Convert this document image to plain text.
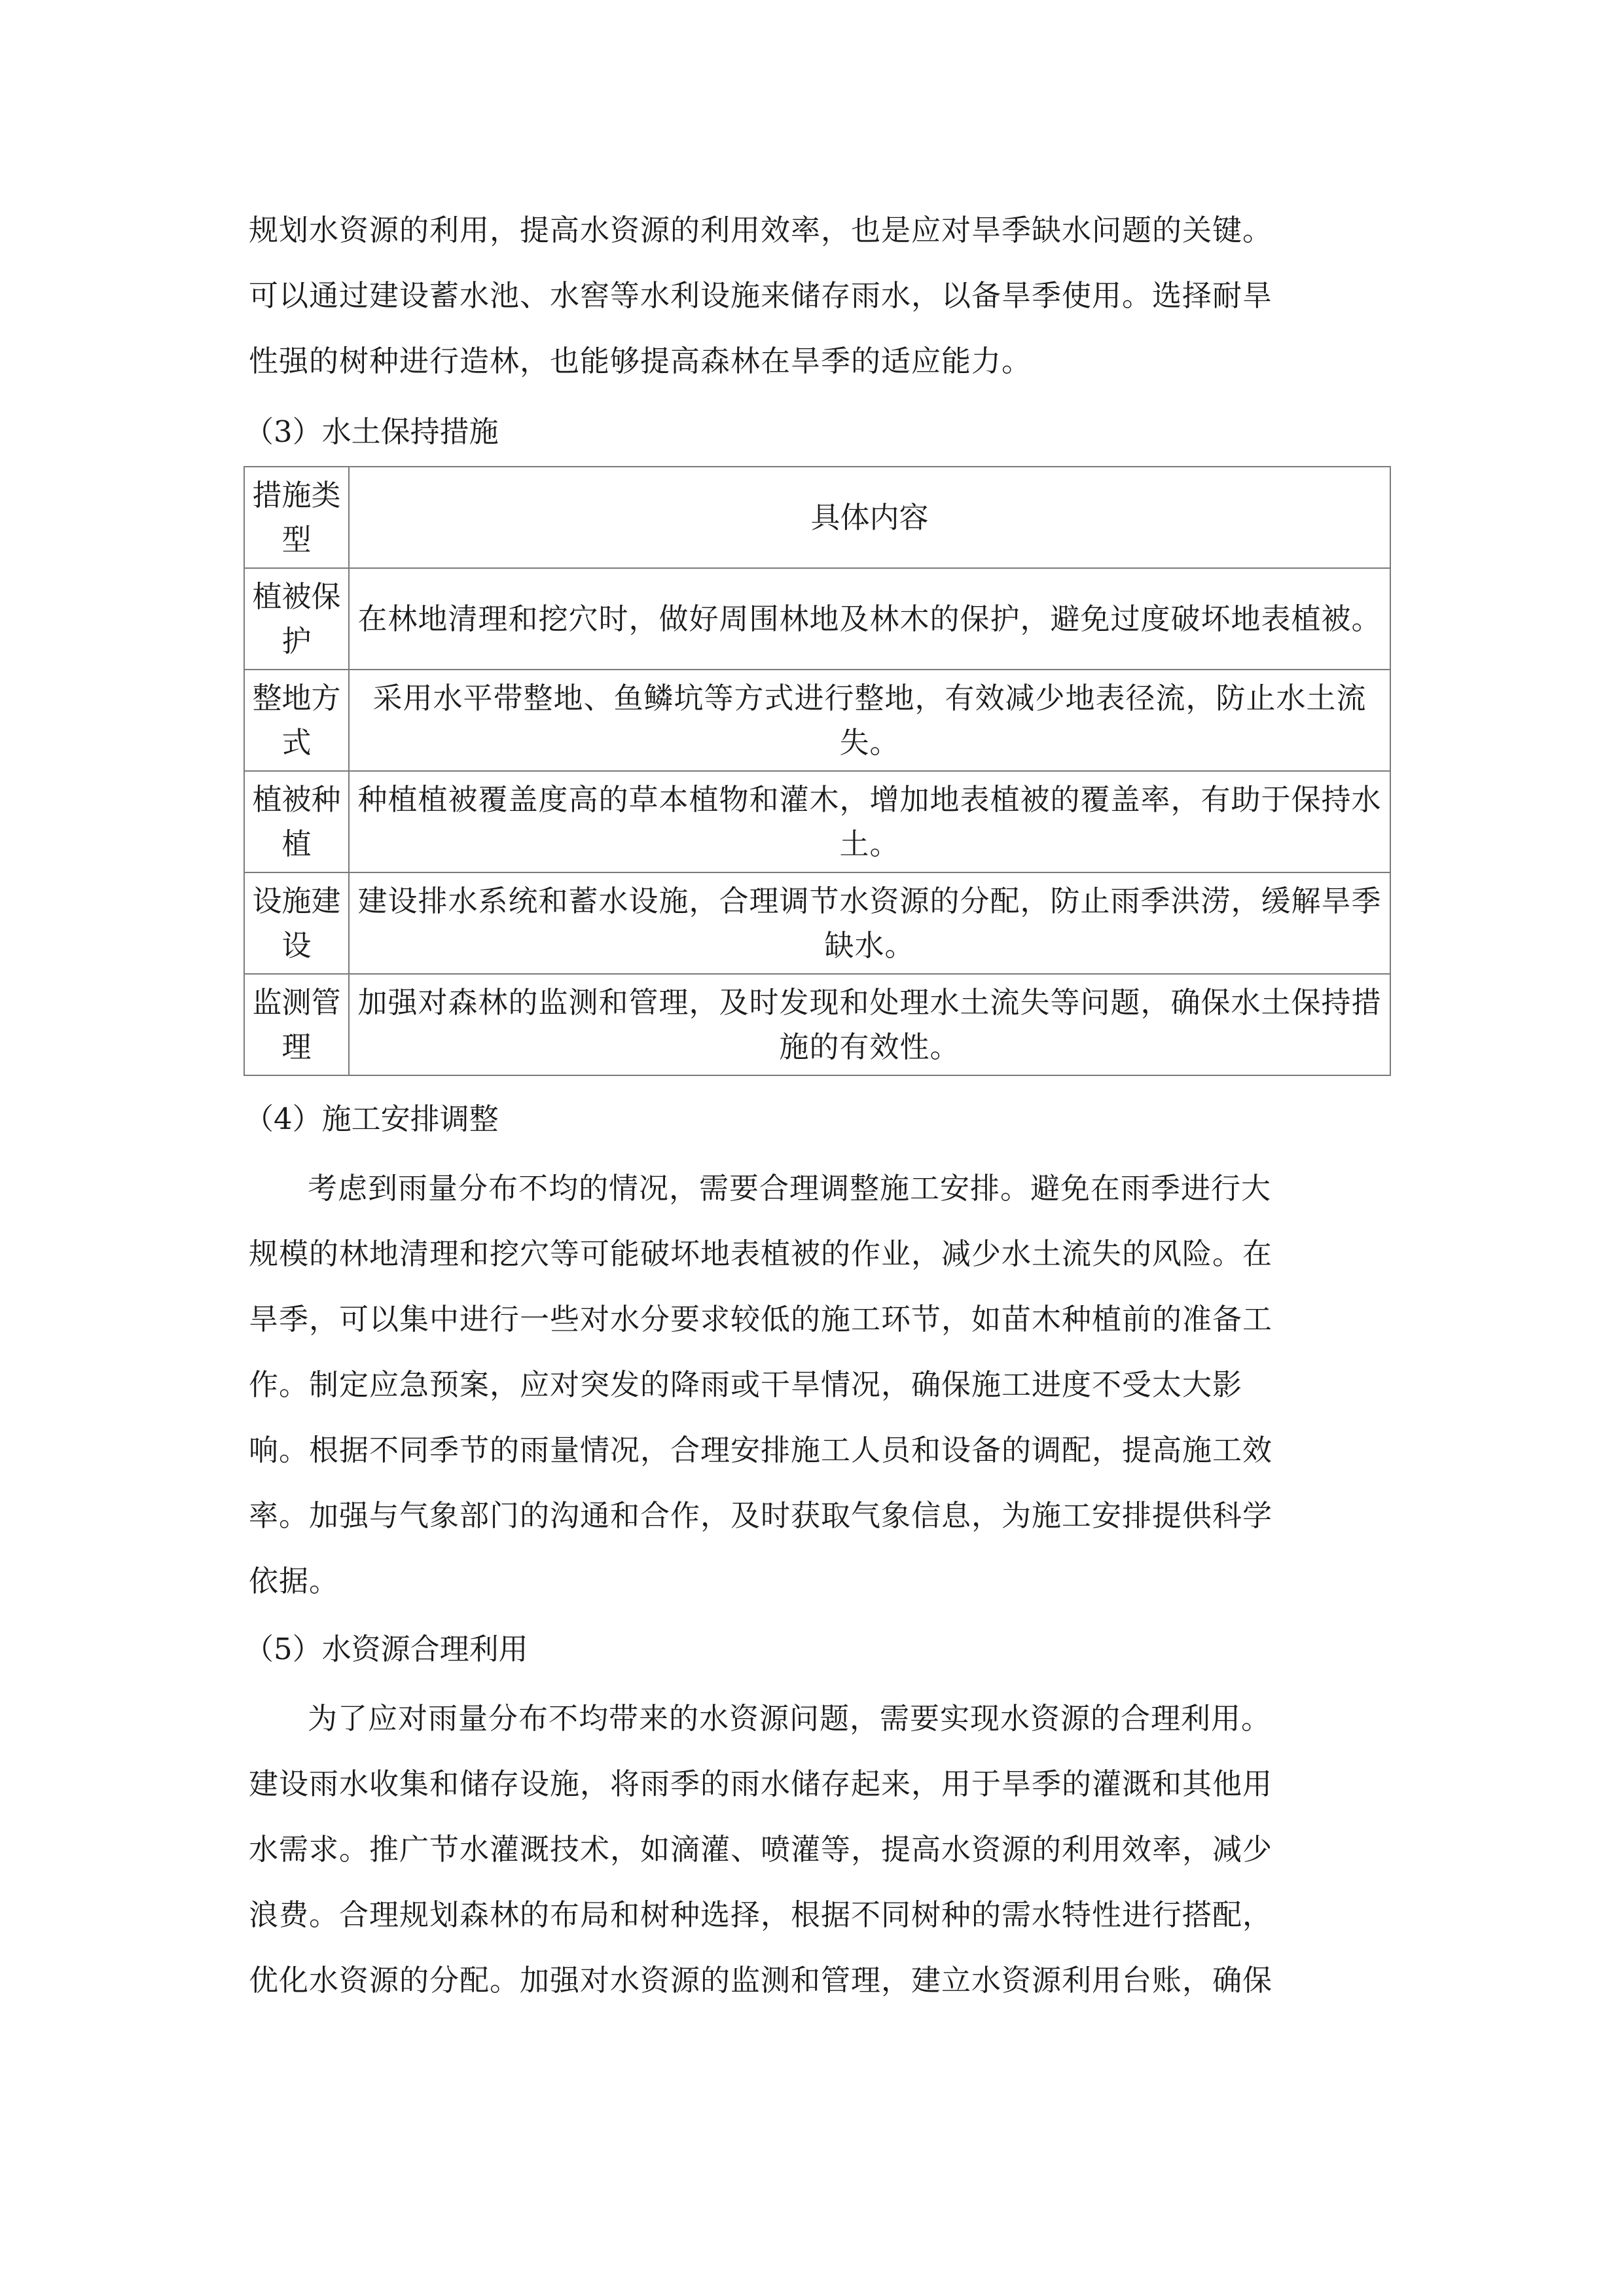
规划水资源的利用，提高水资源的利用效率，也是应对旱季缺水问题的关键。
可以通过建设蓄水池、水窖等水利设施来储存雨水，以备旱季使用。选择耐旱
性强的树种进行造林，也能够提高森林在旱季的适应能力。
（3）水土保持措施
措施类型	具体内容
植被保护	在林地清理和挖穴时，做好周围林地及林木的保护，避免过度破坏地表植被。
整地方式	采用水平带整地、鱼鳞坑等方式进行整地，有效减少地表径流，防止水土流失。
植被种植	种植植被覆盖度高的草本植物和灌木，增加地表植被的覆盖率，有助于保持水土。
设施建设	建设排水系统和蓄水设施，合理调节水资源的分配，防止雨季洪涝，缓解旱季缺水。
监测管理	加强对森林的监测和管理，及时发现和处理水土流失等问题，确保水土保持措施的有效性。
（4）施工安排调整
考虑到雨量分布不均的情况，需要合理调整施工安排。避免在雨季进行大
规模的林地清理和挖穴等可能破坏地表植被的作业，减少水土流失的风险。在
旱季，可以集中进行一些对水分要求较低的施工环节，如苗木种植前的准备工
作。制定应急预案，应对突发的降雨或干旱情况，确保施工进度不受太大影
响。根据不同季节的雨量情况，合理安排施工人员和设备的调配，提高施工效
率。加强与气象部门的沟通和合作，及时获取气象信息，为施工安排提供科学
依据。
（5）水资源合理利用
为了应对雨量分布不均带来的水资源问题，需要实现水资源的合理利用。
建设雨水收集和储存设施，将雨季的雨水储存起来，用于旱季的灌溉和其他用
水需求。推广节水灌溉技术，如滴灌、喷灌等，提高水资源的利用效率，减少
浪费。合理规划森林的布局和树种选择，根据不同树种的需水特性进行搭配，
优化水资源的分配。加强对水资源的监测和管理，建立水资源利用台账，确保
